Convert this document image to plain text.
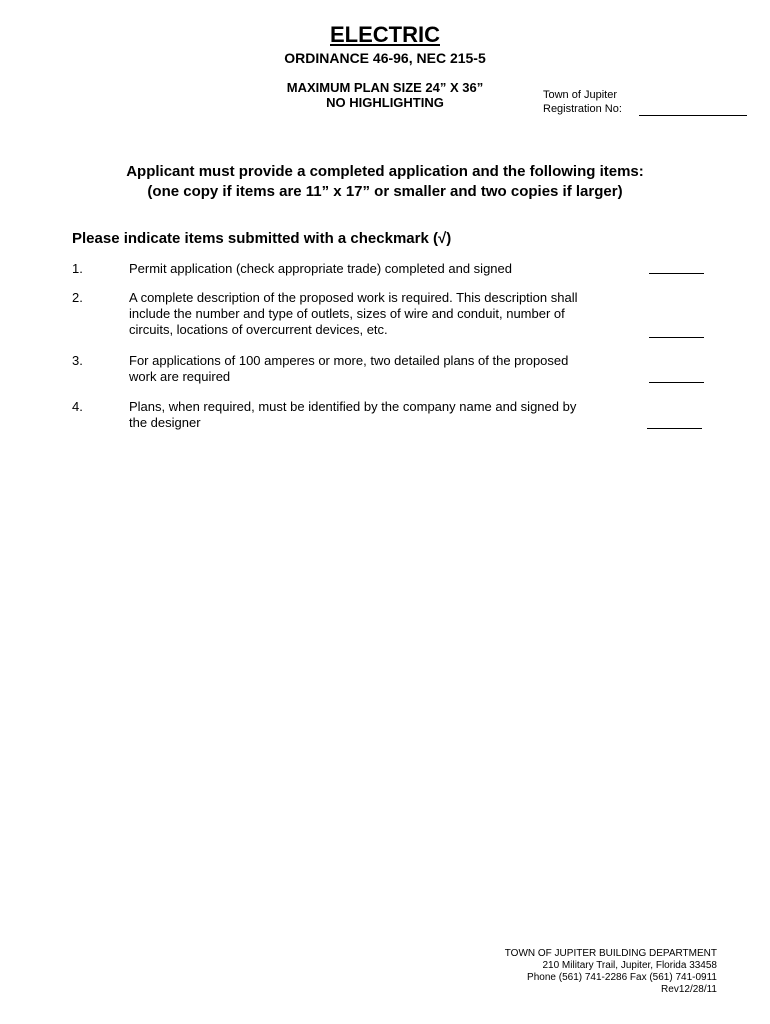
ELECTRIC
ORDINANCE 46-96, NEC 215-5
MAXIMUM PLAN SIZE 24” X 36”
NO HIGHLIGHTING	Town of Jupiter
Registration No:
Applicant must provide a completed application and the following items:
(one copy if items are 11” x 17” or smaller and two copies if larger)
Please indicate items submitted with a checkmark (√)
1.	Permit application (check appropriate trade) completed and signed
2.	A complete description of the proposed work is required. This description shall include the number and type of outlets, sizes of wire and conduit, number of circuits, locations of overcurrent devices, etc.
3.	For applications of 100 amperes or more, two detailed plans of the proposed work are required
4.	Plans, when required, must be identified by the company name and signed by the designer
TOWN OF JUPITER BUILDING DEPARTMENT
210 Military Trail, Jupiter, Florida 33458
Phone (561) 741-2286 Fax (561) 741-0911
Rev12/28/11
